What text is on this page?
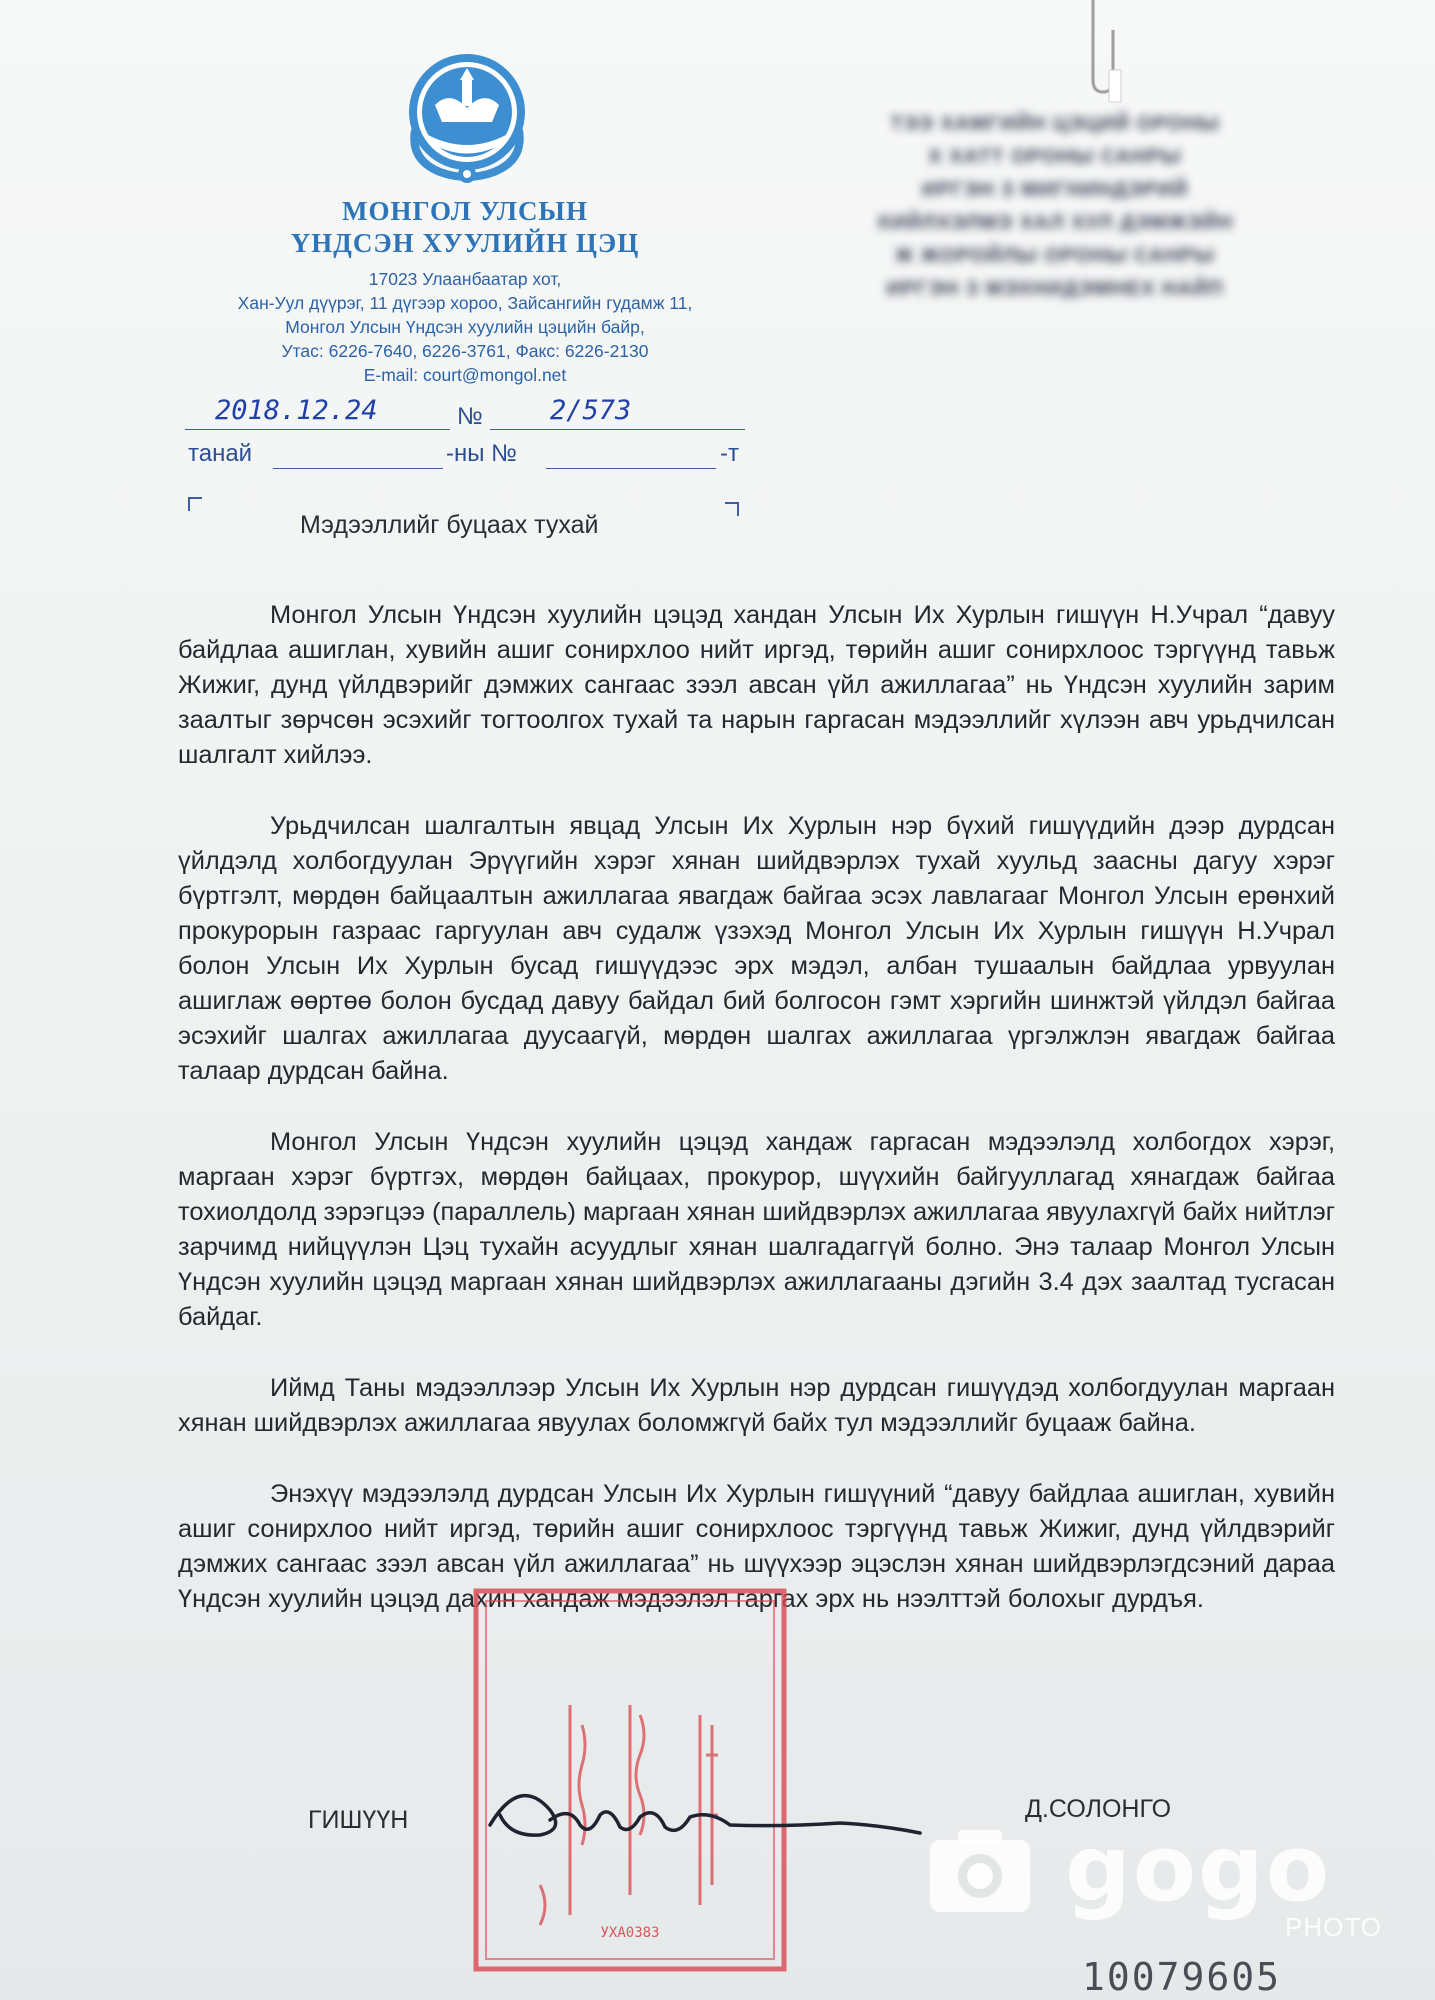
МОНГОЛ УЛСЫН
ҮНДСЭН ХУУЛИЙН ЦЭЦ
17023 Улаанбаатар хот,
Хан-Уул дүүрэг, 11 дүгээр хороо, Зайсангийн гудамж 11,
Монгол Улсын Үндсэн хуулийн цэцийн байр,
Утас: 6226-7640, 6226-3761, Факс: 6226-2130
E-mail: court@mongol.net
ТЭЭ ХАМГИЙН ЦЭЦИЙ ОРОНЫ
Х ХАТТ ОРОНЫ САНРЫ
ИРГЭН З МИГНИНДЭРИЙ
ХИЙЛХЭЛМЭ ХАЛ ХУЛ ДЭМЖЭЙН
Ж ЖОРОЙЛЫ ОРОНЫ САНРЫ
ИРГЭН З МЭХНИДЭМНЕХ НАЙП
2018.12.24	№ 2/573
танай	-ны №	-т
Мэдээллийг буцаах тухай

Монгол Улсын Үндсэн хуулийн цэцэд хандан Улсын Их Хурлын гишүүн Н.Учрал “давуу байдлаа ашиглан, хувийн ашиг сонирхлоо нийт иргэд, төрийн ашиг сонирхлоос тэргүүнд тавьж Жижиг, дунд үйлдвэрийг дэмжих сангаас зээл авсан үйл ажиллагаа” нь Үндсэн хуулийн зарим заалтыг зөрчсөн эсэхийг тогтоолгох тухай та нарын гаргасан мэдээллийг хүлээн авч урьдчилсан шалгалт хийлээ.

Урьдчилсан шалгалтын явцад Улсын Их Хурлын нэр бүхий гишүүдийн дээр дурдсан үйлдэлд холбогдуулан Эрүүгийн хэрэг хянан шийдвэрлэх тухай хуульд заасны дагуу хэрэг бүртгэлт, мөрдөн байцаалтын ажиллагаа явагдаж байгаа эсэх лавлагааг Монгол Улсын ерөнхий прокурорын газраас гаргуулан авч судалж үзэхэд Монгол Улсын Их Хурлын гишүүн Н.Учрал болон Улсын Их Хурлын бусад гишүүдээс эрх мэдэл, албан тушаалын байдлаа урвуулан ашиглаж өөртөө болон бусдад давуу байдал бий болгосон гэмт хэргийн шинжтэй үйлдэл байгаа эсэхийг шалгах ажиллагаа дуусаагүй, мөрдөн шалгах ажиллагаа үргэлжлэн явагдаж байгаа талаар дурдсан байна.

Монгол Улсын Үндсэн хуулийн цэцэд хандаж гаргасан мэдээлэлд холбогдох хэрэг, маргаан хэрэг бүртгэх, мөрдөн байцаах, прокурор, шүүхийн байгууллагад хянагдаж байгаа тохиолдолд зэрэгцээ (параллель) маргаан хянан шийдвэрлэх ажиллагаа явуулахгүй байх нийтлэг зарчимд нийцүүлэн Цэц тухайн асуудлыг хянан шалгадаггүй болно. Энэ талаар Монгол Улсын Үндсэн хуулийн цэцэд маргаан хянан шийдвэрлэх ажиллагааны дэгийн 3.4 дэх заалтад тусгасан байдаг.

Иймд Таны мэдээллээр Улсын Их Хурлын нэр дурдсан гишүүдэд холбогдуулан маргаан хянан шийдвэрлэх ажиллагаа явуулах боломжгүй байх тул мэдээллийг буцааж байна.

Энэхүү мэдээлэлд дурдсан Улсын Их Хурлын гишүүний “давуу байдлаа ашиглан, хувийн ашиг сонирхлоо нийт иргэд, төрийн ашиг сонирхлоос тэргүүнд тавьж Жижиг, дунд үйлдвэрийг дэмжих сангаас зээл авсан үйл ажиллагаа” нь шүүхээр эцэслэн хянан шийдвэрлэгдсэний дараа Үндсэн хуулийн цэцэд дахин хандаж мэдээлэл гаргах эрх нь нээлттэй болохыг дурдъя.

УХА0383
ГИШҮҮН	Д.СОЛОНГО
gogo
PHOTO
10079605
